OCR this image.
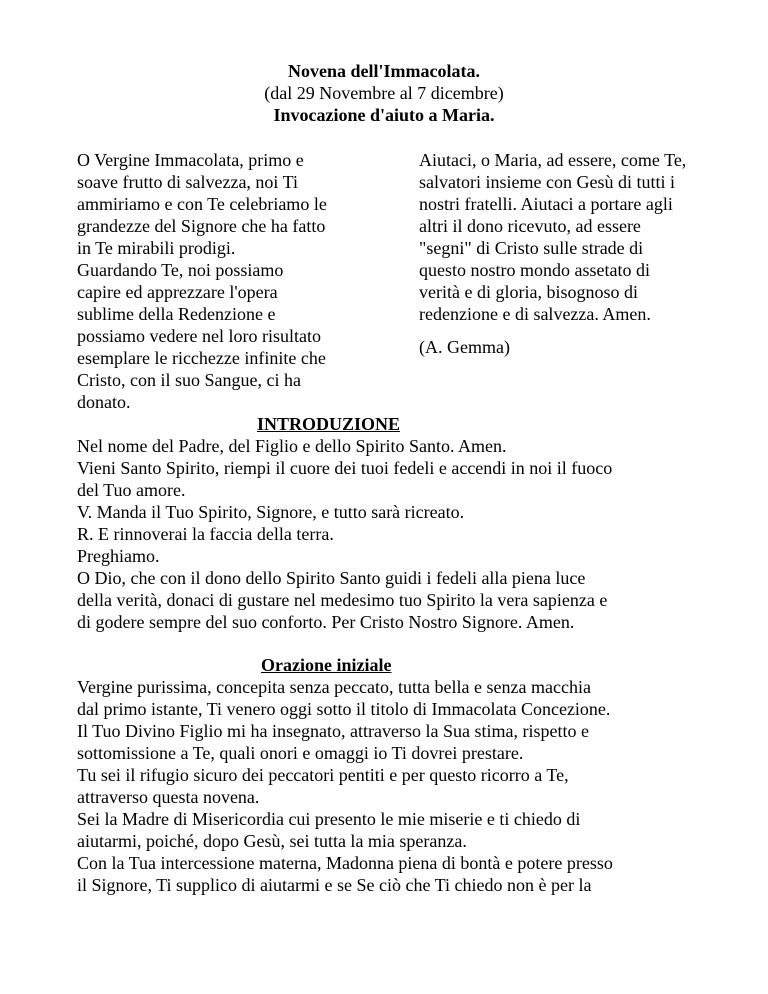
Novena dell'Immacolata.
(dal 29 Novembre al 7 dicembre)
Invocazione d'aiuto a Maria.

O Vergine Immacolata, primo e

soave frutto di salvezza, noi Ti

ammiriamo e con Te celebriamo le

grandezze del Signore che ha fatto

in Te mirabili prodigi.

Guardando Te, noi possiamo

capire ed apprezzare l'opera

sublime della Redenzione e

possiamo vedere nel loro risultato

esemplare le ricchezze infinite che

Cristo, con il suo Sangue, ci ha

donato.

Aiutaci, o Maria, ad essere, come Te,

salvatori insieme con Gesù di tutti i

nostri fratelli. Aiutaci a portare agli

altri il dono ricevuto, ad essere

"segni" di Cristo sulle strade di

questo nostro mondo assetato di

verità e di gloria, bisognoso di

redenzione e di salvezza. Amen.

(A. Gemma)

INTRODUZIONE

Nel nome del Padre, del Figlio e dello Spirito Santo. Amen.

Vieni Santo Spirito, riempi il cuore dei tuoi fedeli e accendi in noi il fuoco

del Tuo amore.

V. Manda il Tuo Spirito, Signore, e tutto sarà ricreato.

R. E rinnoverai la faccia della terra.

Preghiamo.

O Dio, che con il dono dello Spirito Santo guidi i fedeli alla piena luce

della verità, donaci di gustare nel medesimo tuo Spirito la vera sapienza e

di godere sempre del suo conforto. Per Cristo Nostro Signore. Amen.

Orazione iniziale

Vergine purissima, concepita senza peccato, tutta bella e senza macchia

dal primo istante, Ti venero oggi sotto il titolo di Immacolata Concezione.

Il Tuo Divino Figlio mi ha insegnato, attraverso la Sua stima, rispetto e

sottomissione a Te, quali onori e omaggi io Ti dovrei prestare.

Tu sei il rifugio sicuro dei peccatori pentiti e per questo ricorro a Te,

attraverso questa novena.

Sei la Madre di Misericordia cui presento le mie miserie e ti chiedo di

aiutarmi, poiché, dopo Gesù, sei tutta la mia speranza.

Con la Tua intercessione materna, Madonna piena di bontà e potere presso

il Signore, Ti supplico di aiutarmi e se Se ciò che Ti chiedo non è per la
